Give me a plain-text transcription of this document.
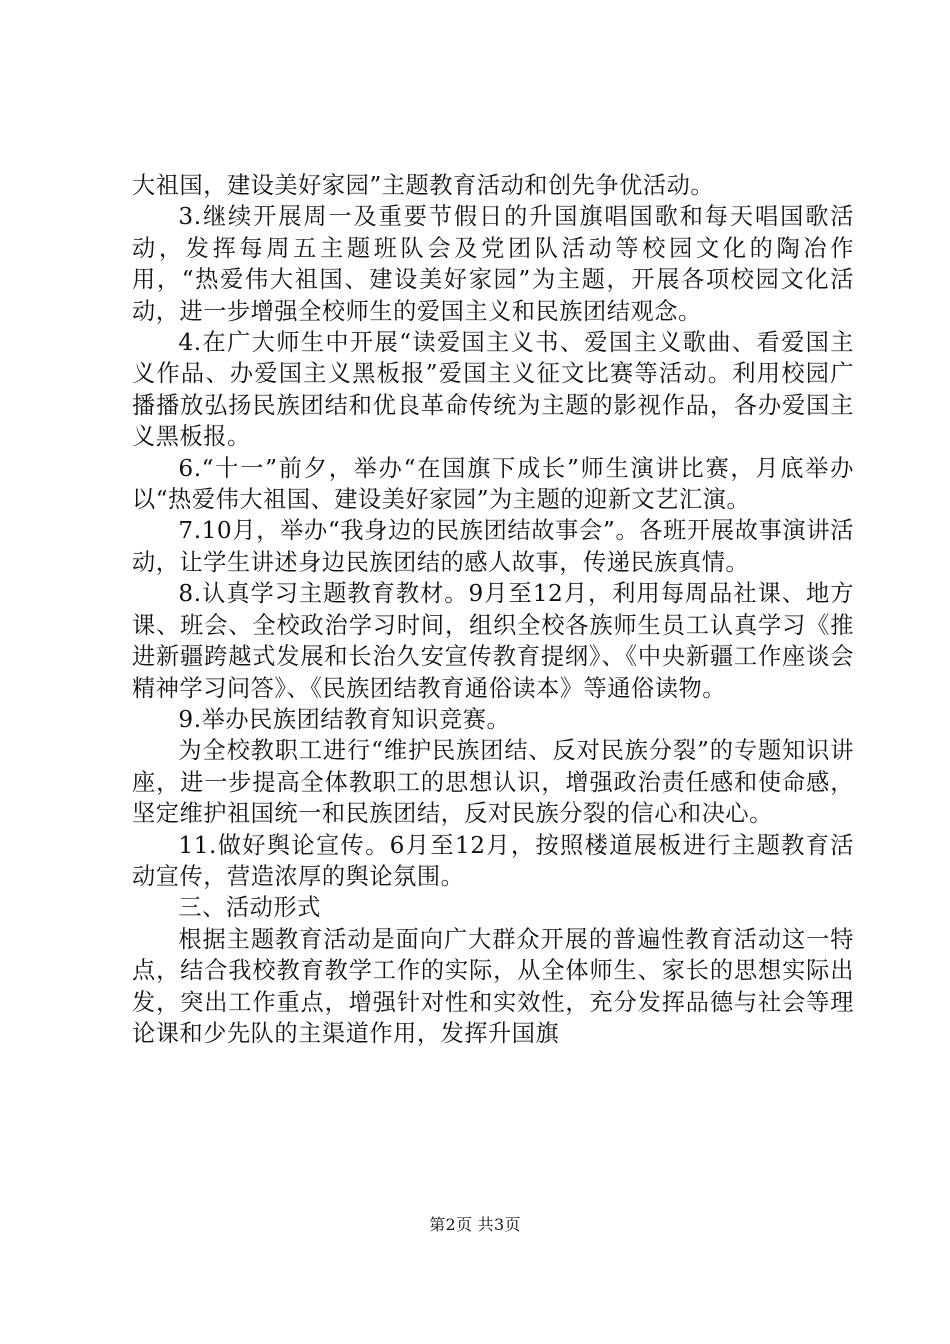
大祖国，建设美好家园”主题教育活动和创先争优活动。

3.继续开展周一及重要节假日的升国旗唱国歌和每天唱国歌活动，发挥每周五主题班队会及党团队活动等校园文化的陶冶作用，“热爱伟大祖国、建设美好家园”为主题，开展各项校园文化活动，进一步增强全校师生的爱国主义和民族团结观念。

4.在广大师生中开展“读爱国主义书、爱国主义歌曲、看爱国主义作品、办爱国主义黑板报”爱国主义征文比赛等活动。利用校园广播播放弘扬民族团结和优良革命传统为主题的影视作品，各办爱国主义黑板报。

6.“十一”前夕，举办“在国旗下成长”师生演讲比赛，月底举办以“热爱伟大祖国、建设美好家园”为主题的迎新文艺汇演。

7.10月，举办“我身边的民族团结故事会”。各班开展故事演讲活动，让学生讲述身边民族团结的感人故事，传递民族真情。

8.认真学习主题教育教材。9月至12月，利用每周品社课、地方课、班会、全校政治学习时间，组织全校各族师生员工认真学习《推进新疆跨越式发展和长治久安宣传教育提纲》、《中央新疆工作座谈会精神学习问答》、《民族团结教育通俗读本》等通俗读物。

9.举办民族团结教育知识竞赛。

为全校教职工进行“维护民族团结、反对民族分裂”的专题知识讲座，进一步提高全体教职工的思想认识，增强政治责任感和使命感，坚定维护祖国统一和民族团结，反对民族分裂的信心和决心。

11.做好舆论宣传。6月至12月，按照楼道展板进行主题教育活动宣传，营造浓厚的舆论氛围。

三、活动形式

根据主题教育活动是面向广大群众开展的普遍性教育活动这一特点，结合我校教育教学工作的实际，从全体师生、家长的思想实际出发，突出工作重点，增强针对性和实效性，充分发挥品德与社会等理论课和少先队的主渠道作用，发挥升国旗

第2页 共3页
